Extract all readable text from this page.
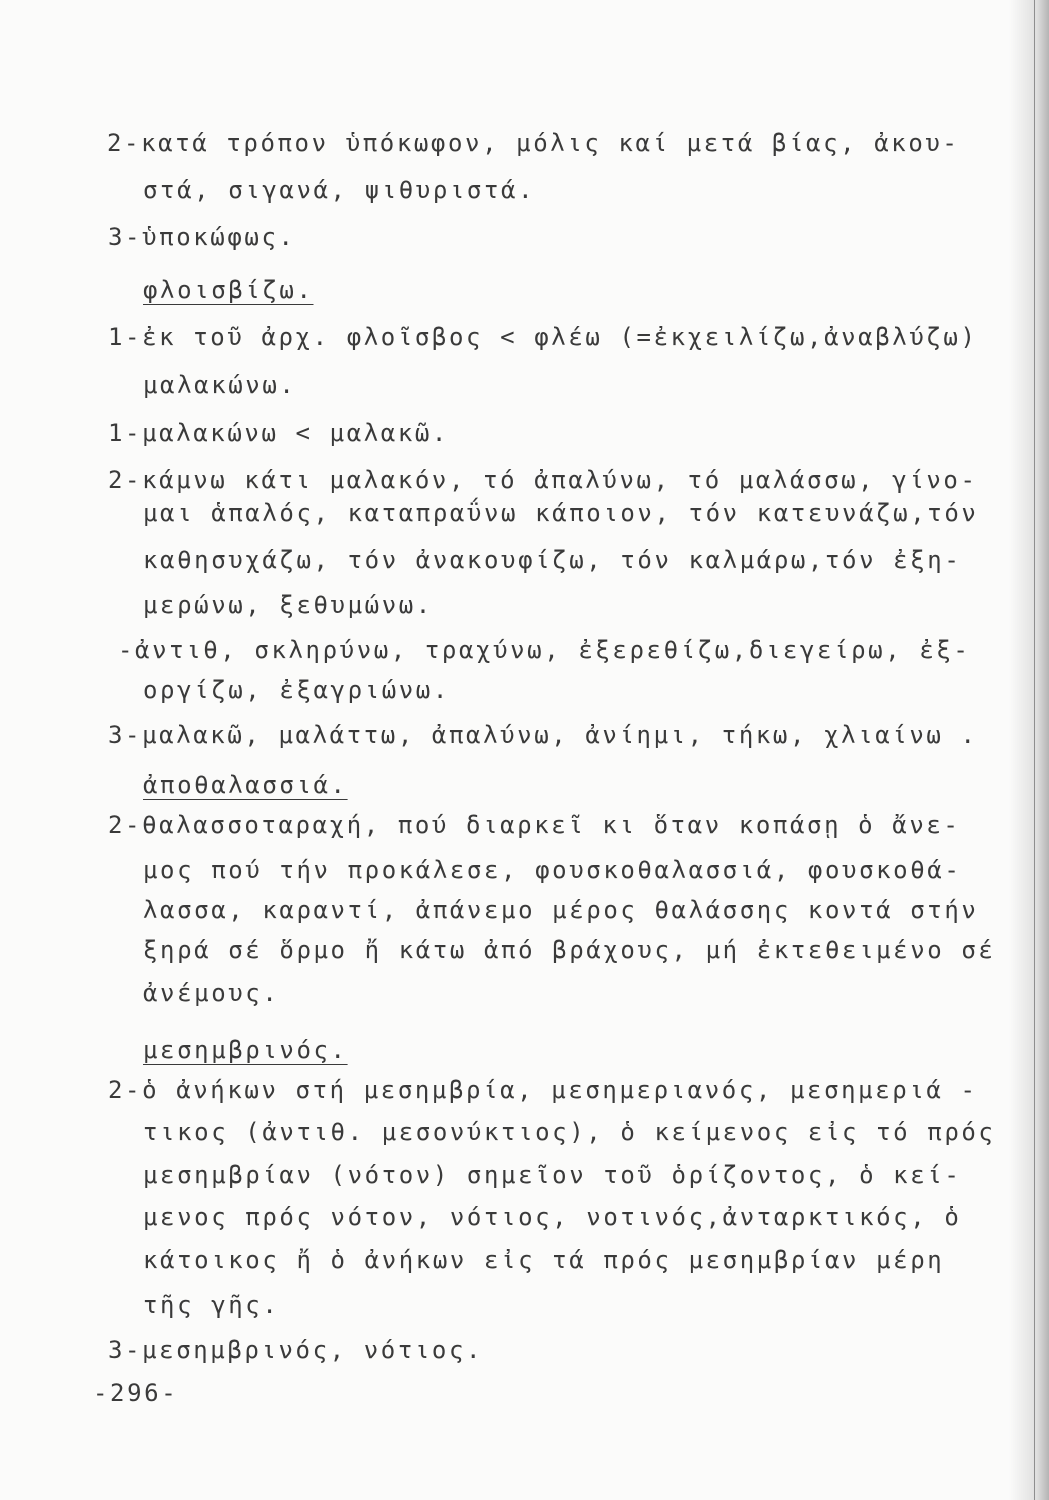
2-κατά τρόπον ὑπόκωφον, μόλις καί μετά βίας, ἀκου-
στά, σιγανά, ψιθυριστά.
3-ὑποκώφως.
φλοισβίζω.
1-ἐκ τοῦ ἀρχ. φλοῖσβος < φλέω (=ἐκχειλίζω,ἀναβλύζω)
μαλακώνω.
1-μαλακώνω < μαλακῶ.
2-κάμνω κάτι μαλακόν, τό ἀπαλύνω, τό μαλάσσω, γίνο-
μαι ἁπαλός, καταπραΰνω κάποιον, τόν κατευνάζω,τόν
καθησυχάζω, τόν ἀνακουφίζω, τόν καλμάρω,τόν ἐξη-
μερώνω, ξεθυμώνω.
-ἀντιθ, σκληρύνω, τραχύνω, ἐξερεθίζω,διεγείρω, ἐξ-
οργίζω, ἐξαγριώνω.
3-μαλακῶ, μαλάττω, ἀπαλύνω, ἀνίημι, τήκω, χλιαίνω .
ἀποθαλασσιά.
2-θαλασσοταραχή, πού διαρκεῖ κι ὅταν κοπάσῃ ὁ ἄνε-
μος πού τήν προκάλεσε, φουσκοθαλασσιά, φουσκοθά-
λασσα, καραντί, ἀπάνεμο μέρος θαλάσσης κοντά στήν
ξηρά σέ ὅρμο ἤ κάτω ἀπό βράχους, μή ἐκτεθειμένο σέ
ἀνέμους.
μεσημβρινός.
2-ὁ ἀνήκων στή μεσημβρία, μεσημεριανός, μεσημεριά -
τικος (ἀντιθ. μεσονύκτιος), ὁ κείμενος εἰς τό πρός
μεσημβρίαν (νότον) σημεῖον τοῦ ὁρίζοντος, ὁ κεί-
μενος πρός νότον, νότιος, νοτινός,ἀνταρκτικός, ὁ
κάτοικος ἤ ὁ ἀνήκων εἰς τά πρός μεσημβρίαν μέρη
τῆς γῆς.
3-μεσημβρινός, νότιος.
-296-
